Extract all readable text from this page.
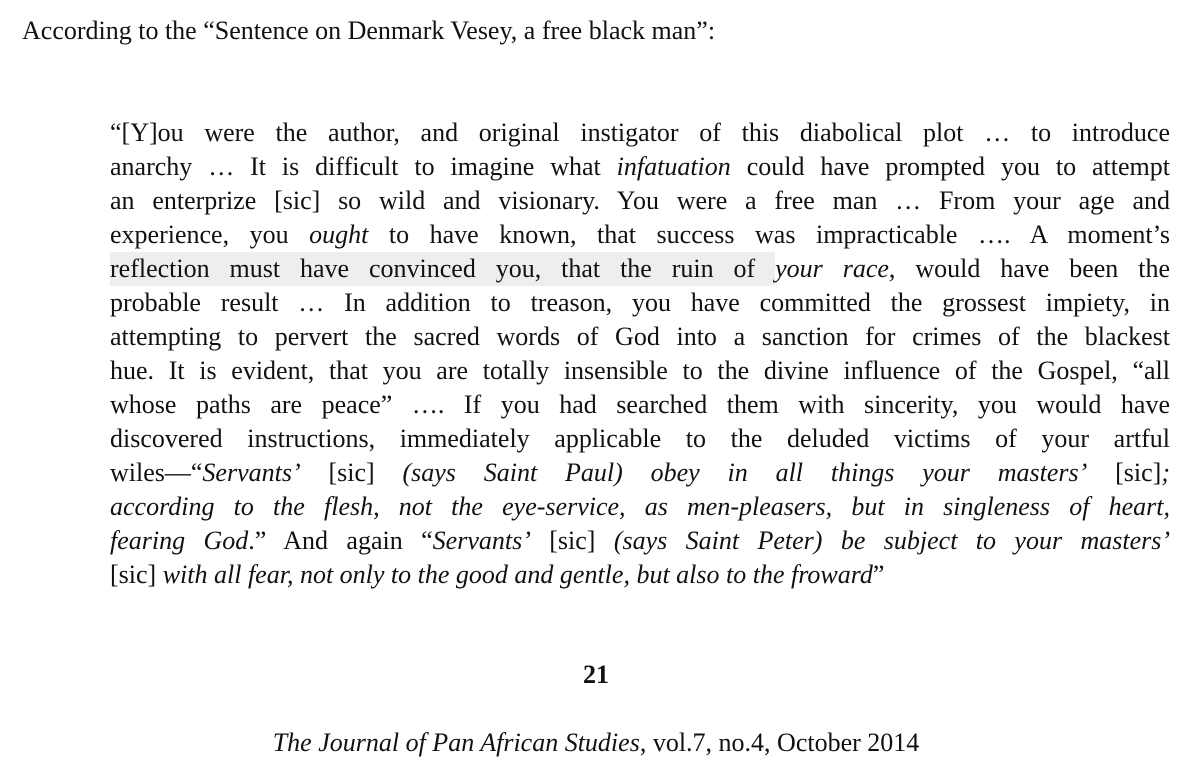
According to the “Sentence on Denmark Vesey, a free black man”:
“[Y]ou were the author, and original instigator of this diabolical plot … to introduce
anarchy … It is difficult to imagine what infatuation could have prompted you to attempt
an enterprize [sic] so wild and visionary. You were a free man … From your age and
experience, you ought to have known, that success was impracticable …. A moment’s
reflection must have convinced you, that the ruin of your race, would have been the
probable result … In addition to treason, you have committed the grossest impiety, in
attempting to pervert the sacred words of God into a sanction for crimes of the blackest
hue. It is evident, that you are totally insensible to the divine influence of the Gospel, “all
whose paths are peace” …. If you had searched them with sincerity, you would have
discovered instructions, immediately applicable to the deluded victims of your artful
wiles—“Servants’ [sic] (says Saint Paul) obey in all things your masters’ [sic];
according to the flesh, not the eye-service, as men-pleasers, but in singleness of heart,
fearing God.” And again “Servants’ [sic] (says Saint Peter) be subject to your masters’
[sic] with all fear, not only to the good and gentle, but also to the froward”
21
The Journal of Pan African Studies, vol.7, no.4, October 2014
